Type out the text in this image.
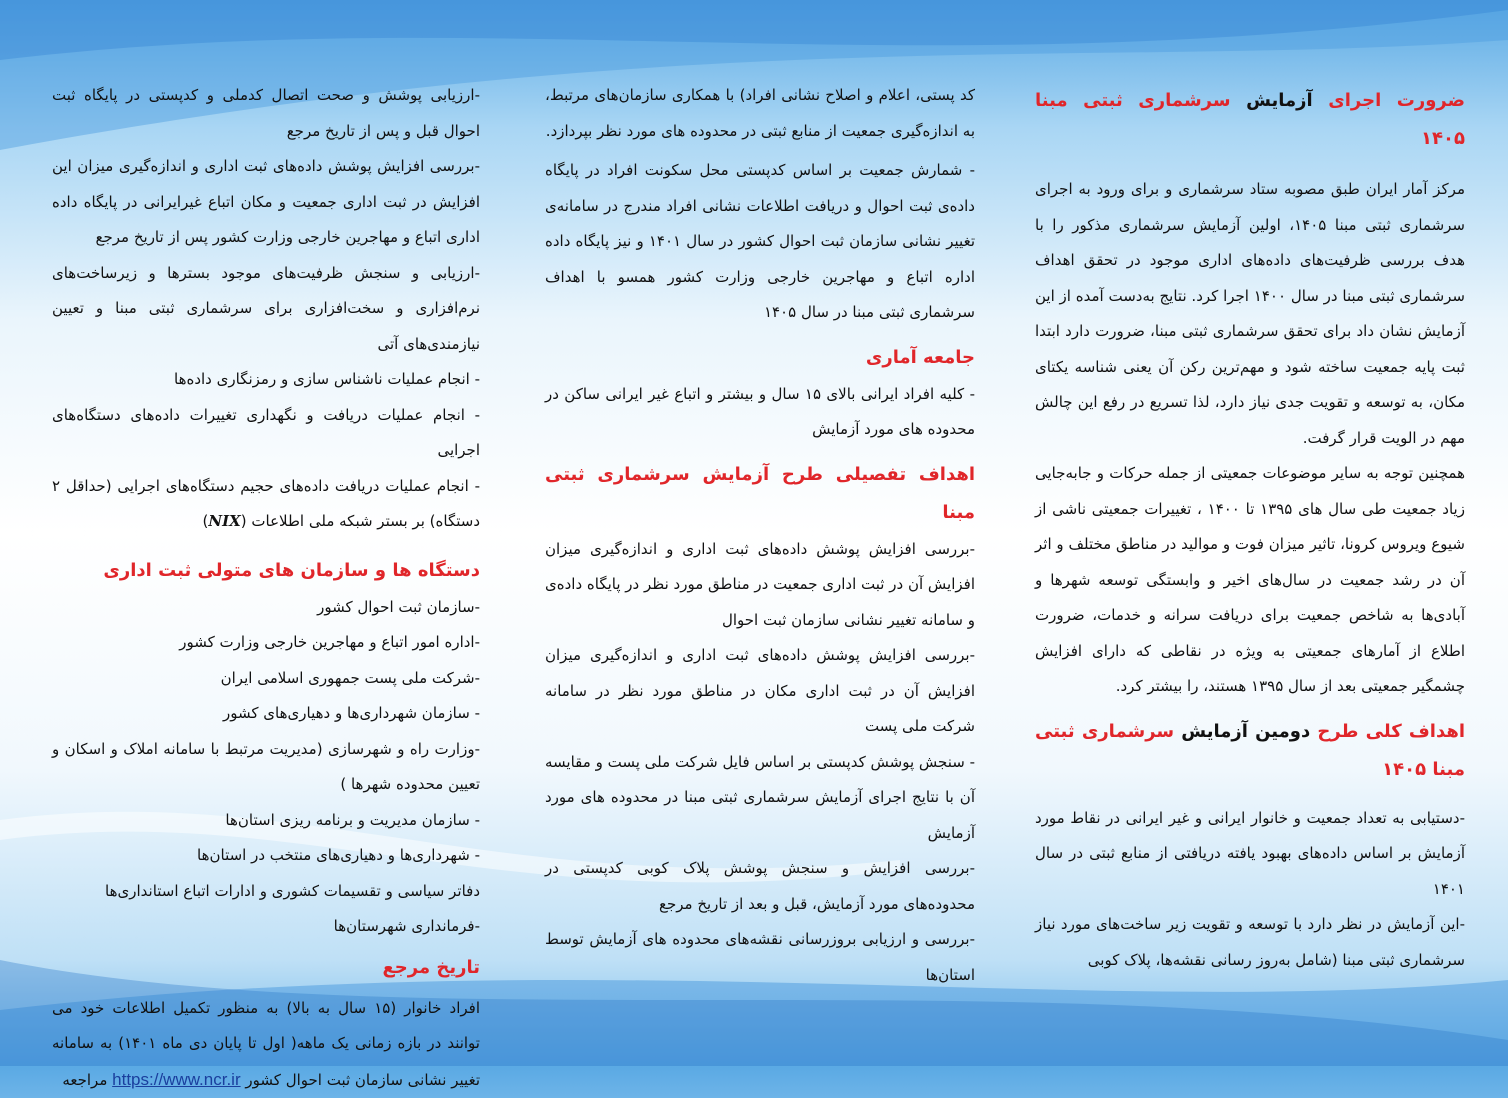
ضرورت اجرای آزمایش سرشماری ثبتی مبنا ۱۴۰۵

مرکز آمار ایران طبق مصوبه ستاد سرشماری و برای ورود به اجرای سرشماری ثبتی مبنا ۱۴۰۵، اولین آزمایش سرشماری مذکور را با هدف بررسی ظرفیت‌های داده‌های اداری موجود در تحقق اهداف سرشماری ثبتی مبنا در سال ۱۴۰۰ اجرا کرد. نتایج به‌دست آمده از این آزمایش نشان داد برای تحقق سرشماری ثبتی مبنا، ضرورت دارد ابتدا ثبت پایه جمعیت ساخته شود و مهم‌ترین رکن آن یعنی شناسه یکتای مکان، به توسعه و تقویت جدی نیاز دارد، لذا تسریع در رفع این چالش مهم در الویت قرار گرفت.

همچنین توجه به سایر موضوعات جمعیتی از جمله حرکات و جابه‌جایی زیاد جمعیت طی سال های ۱۳۹۵ تا ۱۴۰۰ ، تغییرات جمعیتی ناشی از شیوع ویروس کرونا، تاثیر میزان فوت و موالید در مناطق مختلف و اثر آن در رشد جمعیت در سال‌های اخیر و وابستگی توسعه شهرها و آبادی‌ها به شاخص جمعیت برای دریافت سرانه و خدمات، ضرورت اطلاع از آمارهای جمعیتی به ویژه در نقاطی که دارای افزایش چشمگیر جمعیتی بعد از سال ۱۳۹۵ هستند، را بیشتر کرد.

اهداف کلی طرح دومین آزمایش سرشماری ثبتی مبنا ۱۴۰۵

-دستیابی به تعداد جمعیت و خانوار ایرانی و غیر ایرانی در نقاط مورد آزمایش بر اساس داده‌های بهبود یافته دریافتی از منابع ثبتی در سال ۱۴۰۱

-این آزمایش در نظر دارد با توسعه و تقویت زیر ساخت‌های مورد نیاز سرشماری ثبتی مبنا (شامل به‌روز رسانی نقشه‌ها، پلاک کوبی

کد پستی، اعلام و اصلاح نشانی افراد) با همکاری سازمان‌های مرتبط، به اندازه‌گیری جمعیت از منابع ثبتی در محدوده های مورد نظر بپردازد.

- شمارش جمعیت بر اساس کدپستی محل سکونت افراد در پایگاه داده‌ی ثبت احوال و دریافت اطلاعات نشانی افراد مندرج در سامانه‌ی تغییر نشانی سازمان ثبت احوال کشور در سال ۱۴۰۱ و نیز پایگاه داده اداره اتباع و مهاجرین خارجی وزارت کشور همسو با اهداف سرشماری ثبتی مبنا در سال ۱۴۰۵

جامعه آماری

- کلیه افراد ایرانی بالای ۱۵ سال و بیشتر و اتباع غیر ایرانی ساکن در محدوده های مورد آزمایش

اهداف تفصیلی طرح آزمایش سرشماری ثبتی مبنا

-بررسی افزایش پوشش داده‌های ثبت اداری و اندازه‌گیری میزان افزایش آن در ثبت اداری جمعیت در مناطق مورد نظر در پایگاه داده‌ی و سامانه تغییر نشانی سازمان ثبت احوال

-بررسی افزایش پوشش داده‌های ثبت اداری و اندازه‌گیری میزان افزایش آن در ثبت اداری مکان در مناطق مورد نظر در سامانه شرکت ملی پست

- سنجش پوشش کدپستی بر اساس فایل شرکت ملی پست و مقایسه آن با نتایج اجرای آزمایش سرشماری ثبتی مبنا در محدوده های مورد آزمایش

-بررسی افزایش و سنجش پوشش پلاک کوبی کدپستی در محدوده‌های مورد آزمایش، قبل و بعد از تاریخ مرجع

-بررسی و ارزیابی بروزرسانی نقشه‌های محدوده های آزمایش توسط استان‌ها

-ارزیابی پوشش و صحت اتصال کدملی و کدپستی در پایگاه ثبت احوال قبل و پس از تاریخ مرجع

-بررسی افزایش پوشش داده‌های ثبت اداری و اندازه‌گیری میزان این افزایش در ثبت اداری جمعیت و مکان اتباع غیرایرانی در پایگاه داده اداری اتباع و مهاجرین خارجی وزارت کشور پس از تاریخ مرجع

-ارزیابی و سنجش ظرفیت‌های موجود بسترها و زیرساخت‌های نرم‌افزاری و سخت‌افزاری برای سرشماری ثبتی مبنا و تعیین نیازمندی‌های آتی

- انجام عملیات ناشناس سازی و رمزنگاری داده‌ها

- انجام عملیات دریافت و نگهداری تغییرات داده‌های دستگاه‌های اجرایی

- انجام عملیات دریافت داده‌های حجیم دستگاه‌های اجرایی (حداقل ۲ دستگاه) بر بستر شبکه ملی اطلاعات (NIX)

دستگاه ها و سازمان های متولی ثبت اداری

-سازمان ثبت احوال کشور

-اداره امور اتباع و مهاجرین خارجی وزارت کشور

-شرکت ملی پست جمهوری اسلامی ایران

- سازمان شهرداری‌ها و دهیاری‌های کشور

-وزارت راه و شهرسازی (مدیریت مرتبط با سامانه املاک و اسکان و تعیین محدوده شهرها )

- سازمان مدیریت و برنامه ریزی استان‌ها

- شهرداری‌ها و دهیاری‌های منتخب در استان‌ها

دفاتر سیاسی و تقسیمات کشوری و ادارات اتباع استانداری‌ها

-فرمانداری شهرستان‌ها

تاریخ مرجع

افراد خانوار (۱۵ سال به بالا) به منظور تکمیل اطلاعات خود می توانند در بازه زمانی یک ماهه( اول تا پایان دی ماه ۱۴۰۱) به سامانه تغییر نشانی سازمان ثبت احوال کشور https://www.ncr.ir مراجعه
